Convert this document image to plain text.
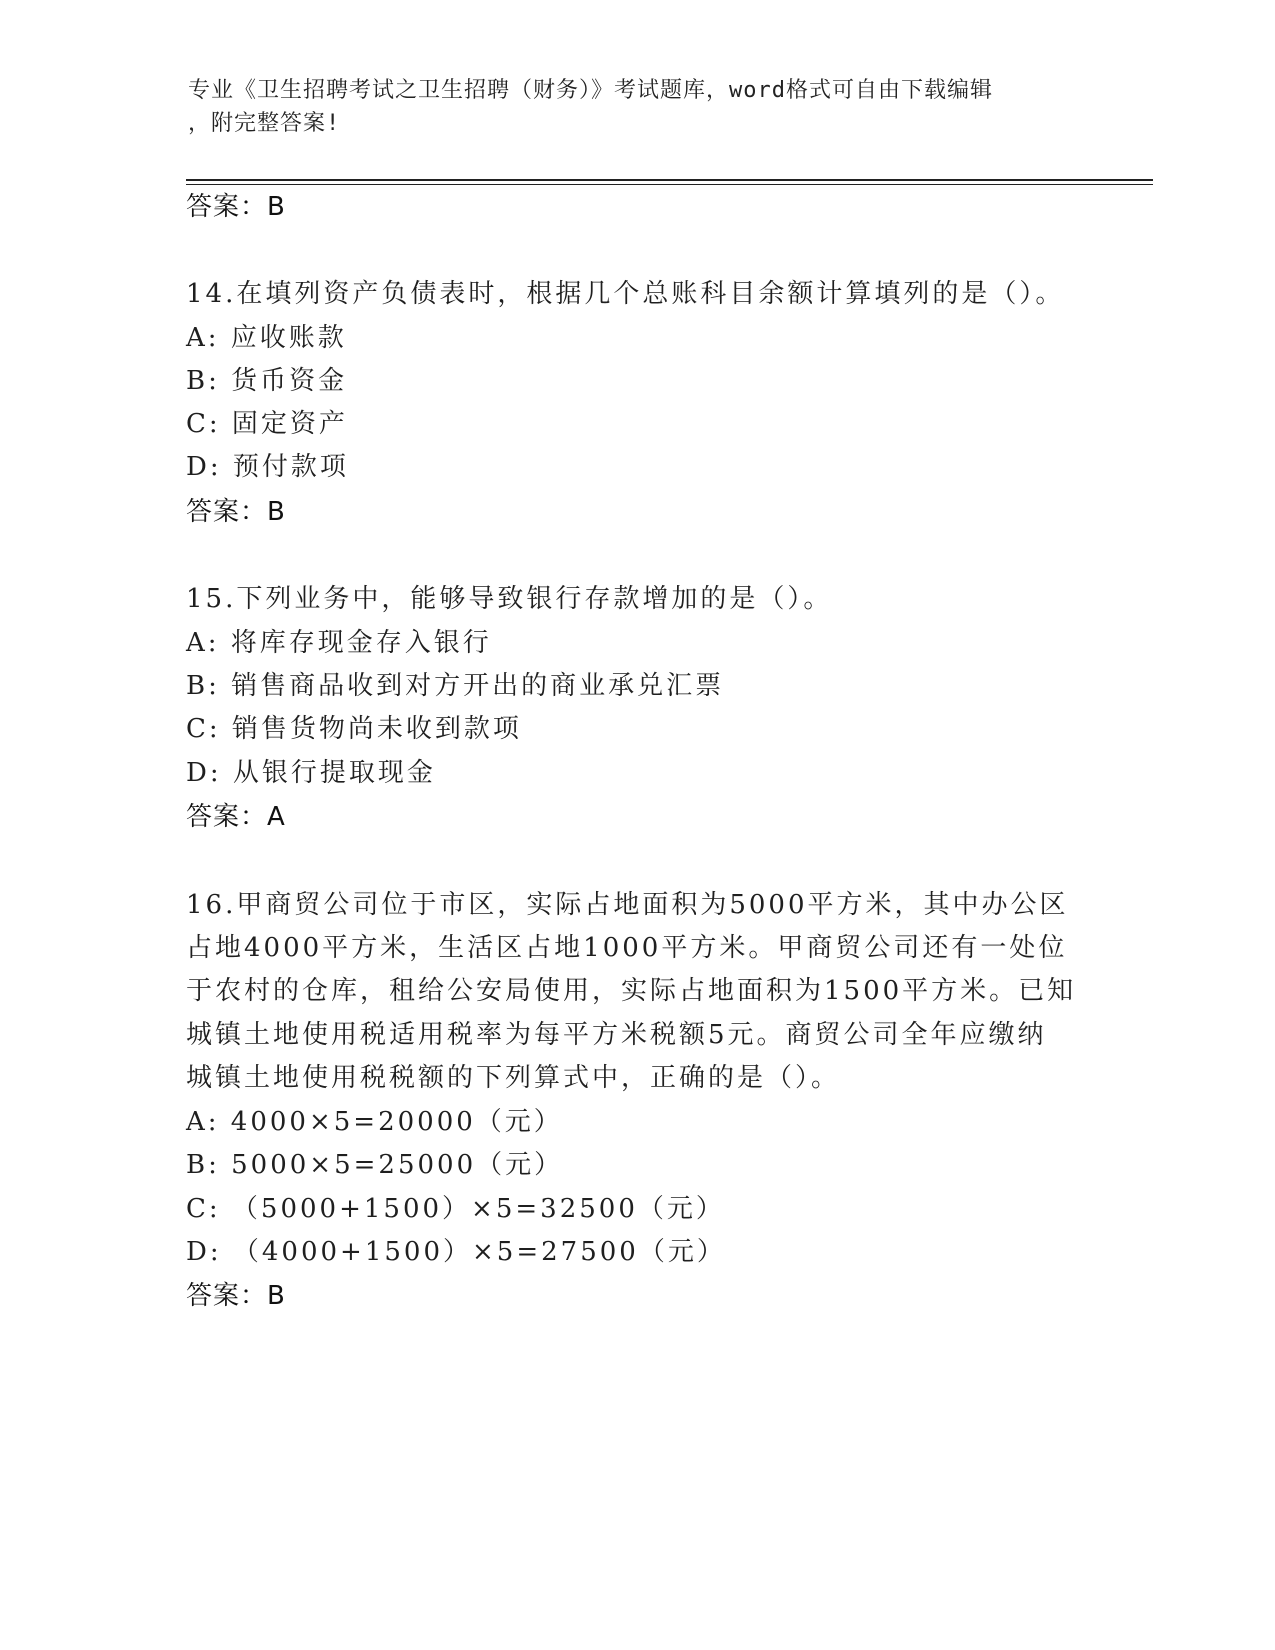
专业《卫生招聘考试之卫生招聘（财务）》考试题库，word格式可自由下载编辑
，附完整答案!
答案：B
14.在填列资产负债表时，根据几个总账科目余额计算填列的是（）。
A: 应收账款
B: 货币资金
C: 固定资产
D: 预付款项
答案：B
15.下列业务中，能够导致银行存款增加的是（）。
A: 将库存现金存入银行
B: 销售商品收到对方开出的商业承兑汇票
C: 销售货物尚未收到款项
D: 从银行提取现金
答案：A
16.甲商贸公司位于市区，实际占地面积为5000平方米，其中办公区
占地4000平方米，生活区占地1000平方米。甲商贸公司还有一处位
于农村的仓库，租给公安局使用，实际占地面积为1500平方米。已知
城镇土地使用税适用税率为每平方米税额5元。商贸公司全年应缴纳
城镇土地使用税税额的下列算式中，正确的是（）。
A: 4000×5=20000（元）
B: 5000×5=25000（元）
C: （5000+1500）×5=32500（元）
D: （4000+1500）×5=27500（元）
答案：B
